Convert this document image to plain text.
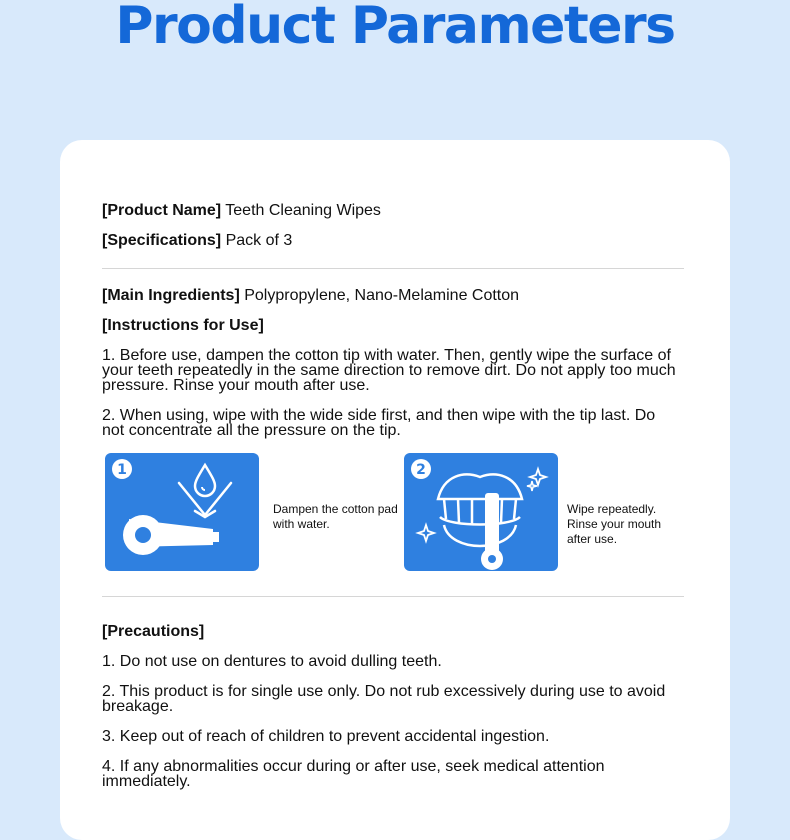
Product Parameters
[Product Name] Teeth Cleaning Wipes
[Specifications] Pack of 3
[Main Ingredients] Polypropylene, Nano-Melamine Cotton
[Instructions for Use]
1. Before use, dampen the cotton tip with water. Then, gently wipe the surface of your teeth repeatedly in the same direction to remove dirt. Do not apply too much pressure. Rinse your mouth after use.
2. When using, wipe with the wide side first, and then wipe with the tip last. Do not concentrate all the pressure on the tip.
1
Dampen the cotton pad with water.
2
Wipe repeatedly. Rinse your mouth after use.
[Precautions]
1. Do not use on dentures to avoid dulling teeth.
2. This product is for single use only. Do not rub excessively during use to avoid breakage.
3. Keep out of reach of children to prevent accidental ingestion.
4. If any abnormalities occur during or after use, seek medical attention immediately.
